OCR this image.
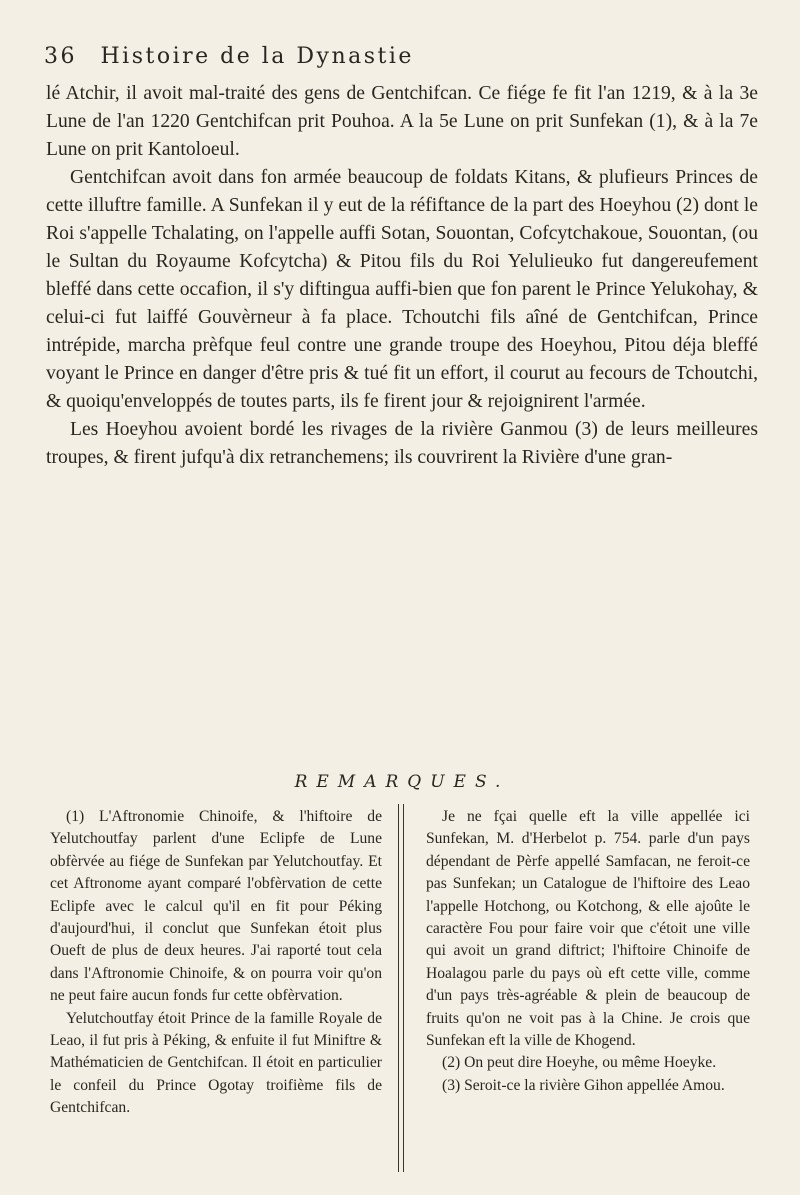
36 Histoire de la Dynastie

lé Atchir, il avoit mal-traité des gens de Gentchifcan. Ce fiége fe fit l'an 1219, & à la 3e Lune de l'an 1220 Gentchifcan prit Pouhoa. A la 5e Lune on prit Sunfekan (1), & à la 7e Lune on prit Kantoloeul.

Gentchifcan avoit dans fon armée beaucoup de foldats Kitans, & plufieurs Princes de cette illuftre famille. A Sunfekan il y eut de la réfiftance de la part des Hoeyhou (2) dont le Roi s'appelle Tchalating, on l'appelle auffi Sotan, Souontan, Cofcytchakoue, Souontan, (ou le Sultan du Royaume Kofcytcha) & Pitou fils du Roi Yelulieuko fut dangereufement bleffé dans cette occafion, il s'y diftingua auffi-bien que fon parent le Prince Yelukohay, & celui-ci fut laiffé Gouvèrneur à fa place. Tchoutchi fils aîné de Gentchifcan, Prince intrépide, marcha prèfque feul contre une grande troupe des Hoeyhou, Pitou déja bleffé voyant le Prince en danger d'être pris & tué fit un effort, il courut au fecours de Tchoutchi, & quoiqu'enveloppés de toutes parts, ils fe firent jour & rejoignirent l'armée.

Les Hoeyhou avoient bordé les rivages de la rivière Ganmou (3) de leurs meilleures troupes, & firent jufqu'à dix retranchemens; ils couvrirent la Rivière d'une gran-

REMARQUES.

(1) L'Aftronomie Chinoife, & l'hiftoire de Yelutchoutfay parlent d'une Eclipfe de Lune obfèrvée au fiége de Sunfekan par Yelutchoutfay. Et cet Aftronome ayant comparé l'obfèrvation de cette Eclipfe avec le calcul qu'il en fit pour Péking d'aujourd'hui, il conclut que Sunfekan étoit plus Oueft de plus de deux heures. J'ai raporté tout cela dans l'Aftronomie Chinoife, & on pourra voir qu'on ne peut faire aucun fonds fur cette obfèrvation.

Yelutchoutfay étoit Prince de la famille Royale de Leao, il fut pris à Péking, & enfuite il fut Miniftre & Mathématicien de Gentchifcan. Il étoit en particulier le confeil du Prince Ogotay troifième fils de Gentchifcan.

Je ne fçai quelle eft la ville appellée ici Sunfekan, M. d'Herbelot p. 754. parle d'un pays dépendant de Pèrfe appellé Samfacan, ne feroit-ce pas Sunfekan; un Catalogue de l'hiftoire des Leao l'appelle Hotchong, ou Kotchong, & elle ajoûte le caractère Fou pour faire voir que c'étoit une ville qui avoit un grand diftrict; l'hiftoire Chinoife de Hoalagou parle du pays où eft cette ville, comme d'un pays très-agréable & plein de beaucoup de fruits qu'on ne voit pas à la Chine. Je crois que Sunfekan eft la ville de Khogend.

(2) On peut dire Hoeyhe, ou même Hoeyke.

(3) Seroit-ce la rivière Gihon appellée Amou.
